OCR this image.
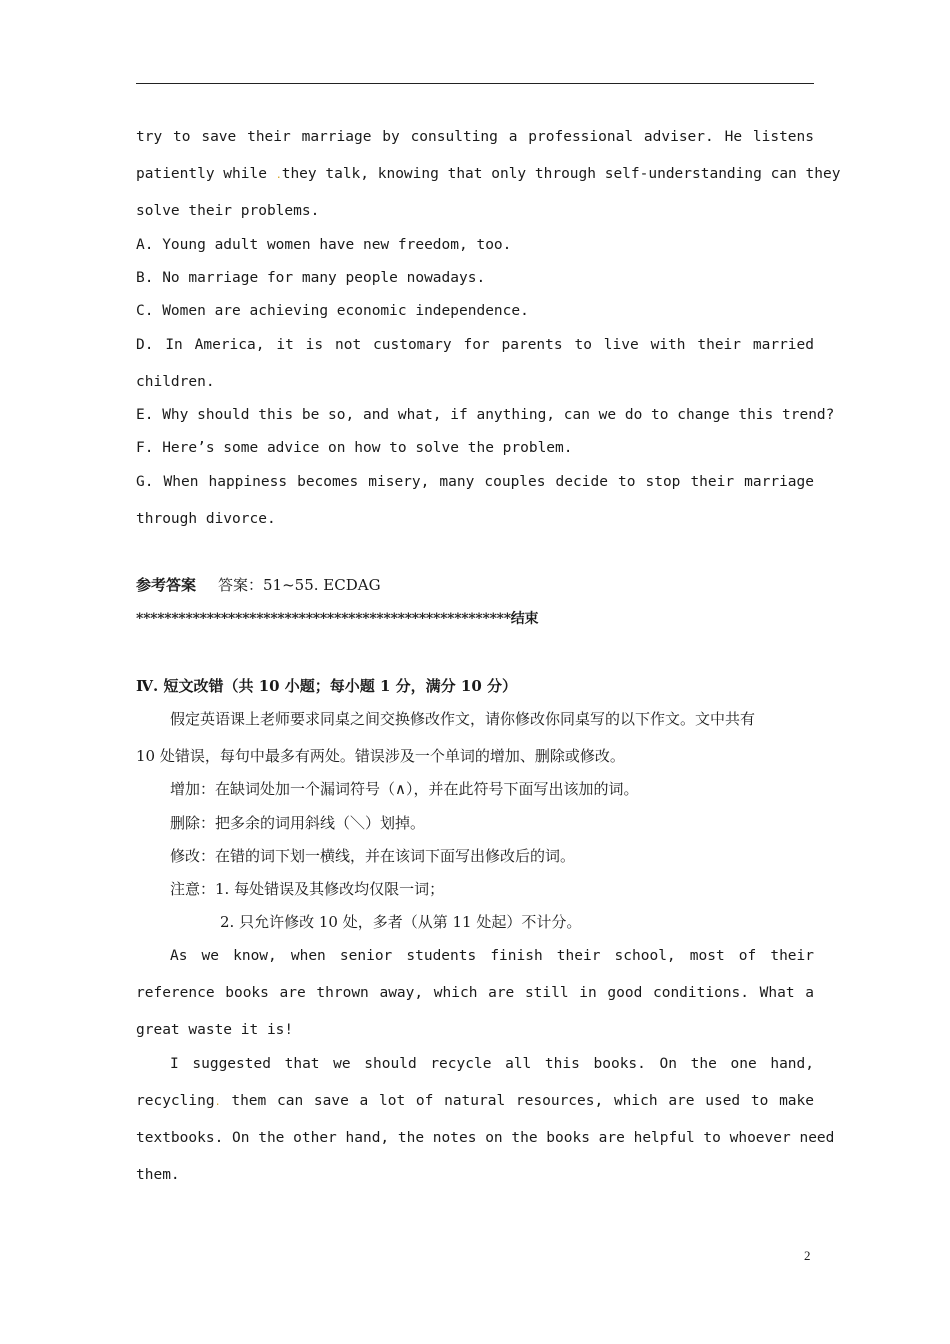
try to save their marriage by consulting a professional adviser. He listens
patiently while .they talk, knowing that only through self-understanding can they
solve their problems.
A. Young adult women have new freedom, too.
B. No marriage for many people nowadays.
C. Women are achieving economic independence.
D. In America, it is not customary for parents to live with their married
children.
E. Why should this be so, and what, if anything, can we do to change this trend?
F. Here’s some advice on how to solve the problem.
G. When happiness becomes misery, many couples decide to stop their marriage
through divorce.
参考答案 答案：51~55. ECDAG
*****************************************************结束
Ⅳ. 短文改错（共 10 小题；每小题 1 分，满分 10 分）
假定英语课上老师要求同桌之间交换修改作文，请你修改你同桌写的以下作文。文中共有
10 处错误，每句中最多有两处。错误涉及一个单词的增加、删除或修改。
增加：在缺词处加一个漏词符号（∧），并在此符号下面写出该加的词。
删除：把多余的词用斜线（＼）划掉。
修改：在错的词下划一横线，并在该词下面写出修改后的词。
注意：1. 每处错误及其修改均仅限一词；
2. 只允许修改 10 处，多者（从第 11 处起）不计分。
As we know, when senior students finish their school, most of their
reference books are thrown away, which are still in good conditions. What a
great waste it is!
I suggested that we should recycle all this books. On the one hand,
recycling. them can save a lot of natural resources, which are used to make
textbooks. On the other hand, the notes on the books are helpful to whoever need
them.
2
